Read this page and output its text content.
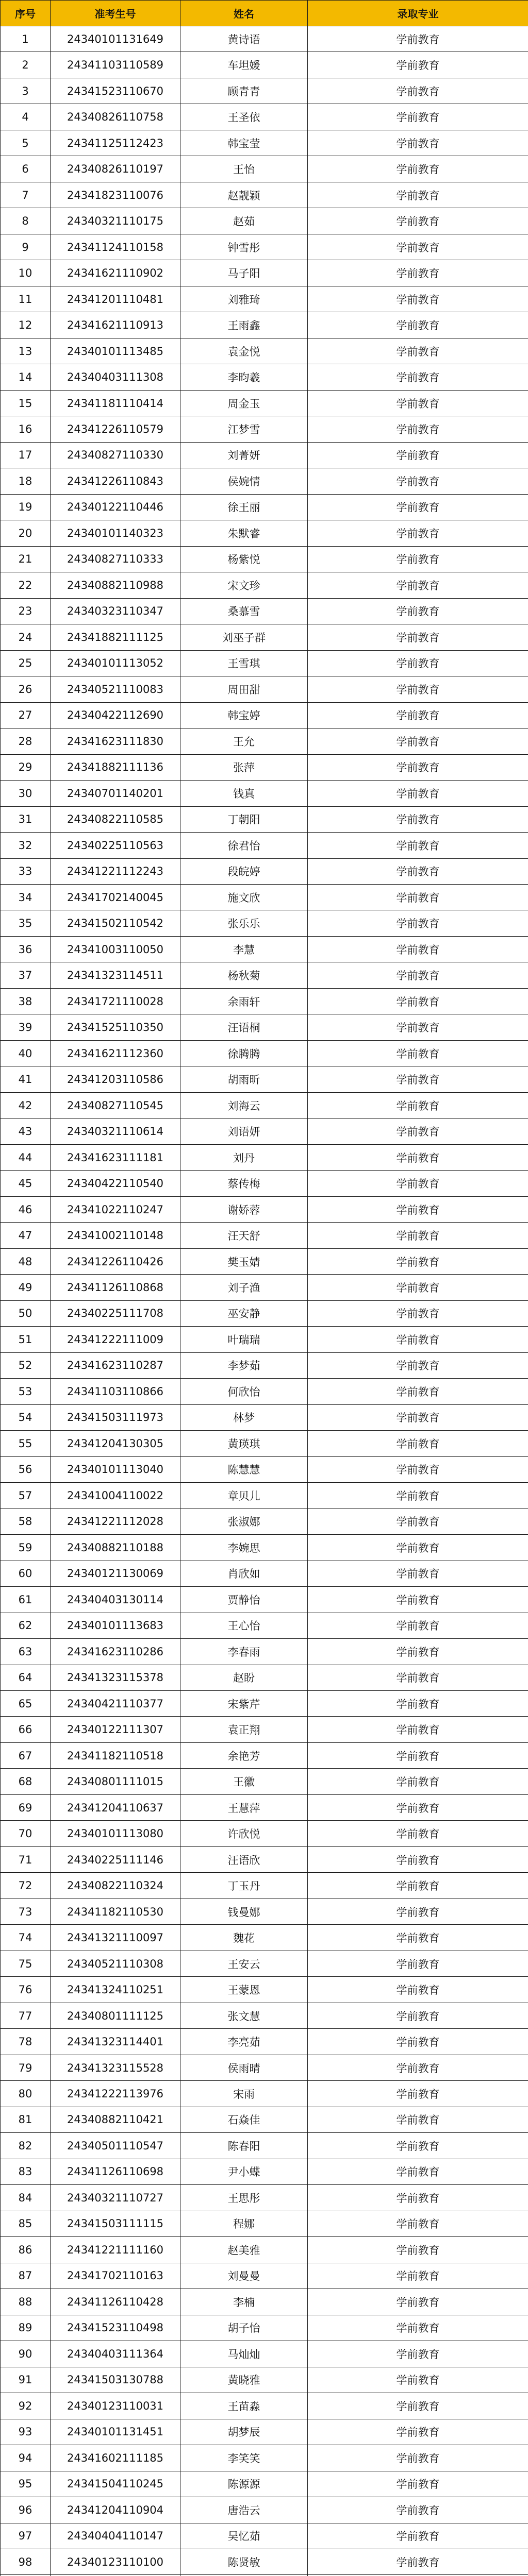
序号	准考生号	姓名	录取专业
1	24340101131649	黄诗语	学前教育
2	24341103110589	车坦媛	学前教育
3	24341523110670	顾青青	学前教育
4	24340826110758	王圣依	学前教育
5	24341125112423	韩宝莹	学前教育
6	24340826110197	王怡	学前教育
7	24341823110076	赵靓颖	学前教育
8	24340321110175	赵茹	学前教育
9	24341124110158	钟雪彤	学前教育
10	24341621110902	马子阳	学前教育
11	24341201110481	刘雅琦	学前教育
12	24341621110913	王雨鑫	学前教育
13	24340101113485	袁金悦	学前教育
14	24340403111308	李昀羲	学前教育
15	24341181110414	周金玉	学前教育
16	24341226110579	江梦雪	学前教育
17	24340827110330	刘菁妍	学前教育
18	24341226110843	侯婉情	学前教育
19	24340122110446	徐王丽	学前教育
20	24340101140323	朱默睿	学前教育
21	24340827110333	杨紫悦	学前教育
22	24340882110988	宋文珍	学前教育
23	24340323110347	桑慕雪	学前教育
24	24341882111125	刘巫子群	学前教育
25	24340101113052	王雪琪	学前教育
26	24340521110083	周田甜	学前教育
27	24340422112690	韩宝婷	学前教育
28	24341623111830	王允	学前教育
29	24341882111136	张萍	学前教育
30	24340701140201	钱真	学前教育
31	24340822110585	丁朝阳	学前教育
32	24340225110563	徐君怡	学前教育
33	24341221112243	段皖婷	学前教育
34	24341702140045	施文欣	学前教育
35	24341502110542	张乐乐	学前教育
36	24341003110050	李慧	学前教育
37	24341323114511	杨秋菊	学前教育
38	24341721110028	余雨轩	学前教育
39	24341525110350	汪语桐	学前教育
40	24341621112360	徐腾腾	学前教育
41	24341203110586	胡雨昕	学前教育
42	24340827110545	刘海云	学前教育
43	24340321110614	刘语妍	学前教育
44	24341623111181	刘丹	学前教育
45	24340422110540	蔡传梅	学前教育
46	24341022110247	谢娇蓉	学前教育
47	24341002110148	汪天舒	学前教育
48	24341226110426	樊玉婧	学前教育
49	24341126110868	刘子渔	学前教育
50	24340225111708	巫安静	学前教育
51	24341222111009	叶瑞瑞	学前教育
52	24341623110287	李梦茹	学前教育
53	24341103110866	何欣怡	学前教育
54	24341503111973	林梦	学前教育
55	24341204130305	黄瑛琪	学前教育
56	24340101113040	陈慧慧	学前教育
57	24341004110022	章贝儿	学前教育
58	24341221112028	张淑娜	学前教育
59	24340882110188	李婉思	学前教育
60	24340121130069	肖欣如	学前教育
61	24340403130114	贾静怡	学前教育
62	24340101113683	王心怡	学前教育
63	24341623110286	李春雨	学前教育
64	24341323115378	赵盼	学前教育
65	24340421110377	宋紫芹	学前教育
66	24340122111307	袁正翔	学前教育
67	24341182110518	余艳芳	学前教育
68	24340801111015	王徽	学前教育
69	24341204110637	王慧萍	学前教育
70	24340101113080	许欣悦	学前教育
71	24340225111146	汪语欣	学前教育
72	24340822110324	丁玉丹	学前教育
73	24341182110530	钱曼娜	学前教育
74	24341321110097	魏花	学前教育
75	24340521110308	王安云	学前教育
76	24341324110251	王蒙恩	学前教育
77	24340801111125	张文慧	学前教育
78	24341323114401	李亮茹	学前教育
79	24341323115528	侯雨晴	学前教育
80	24341222113976	宋雨	学前教育
81	24340882110421	石焱佳	学前教育
82	24340501110547	陈春阳	学前教育
83	24341126110698	尹小蝶	学前教育
84	24340321110727	王思彤	学前教育
85	24341503111115	程娜	学前教育
86	24341221111160	赵美雅	学前教育
87	24341702110163	刘曼曼	学前教育
88	24341126110428	李楠	学前教育
89	24341523110498	胡子怡	学前教育
90	24340403111364	马灿灿	学前教育
91	24341503130788	黄晓雅	学前教育
92	24340123110031	王苗淼	学前教育
93	24340101131451	胡梦辰	学前教育
94	24341602111185	李笑笑	学前教育
95	24341504110245	陈源源	学前教育
96	24341204110904	唐浩云	学前教育
97	24340404110147	吴忆茹	学前教育
98	24340123110100	陈贤敏	学前教育
